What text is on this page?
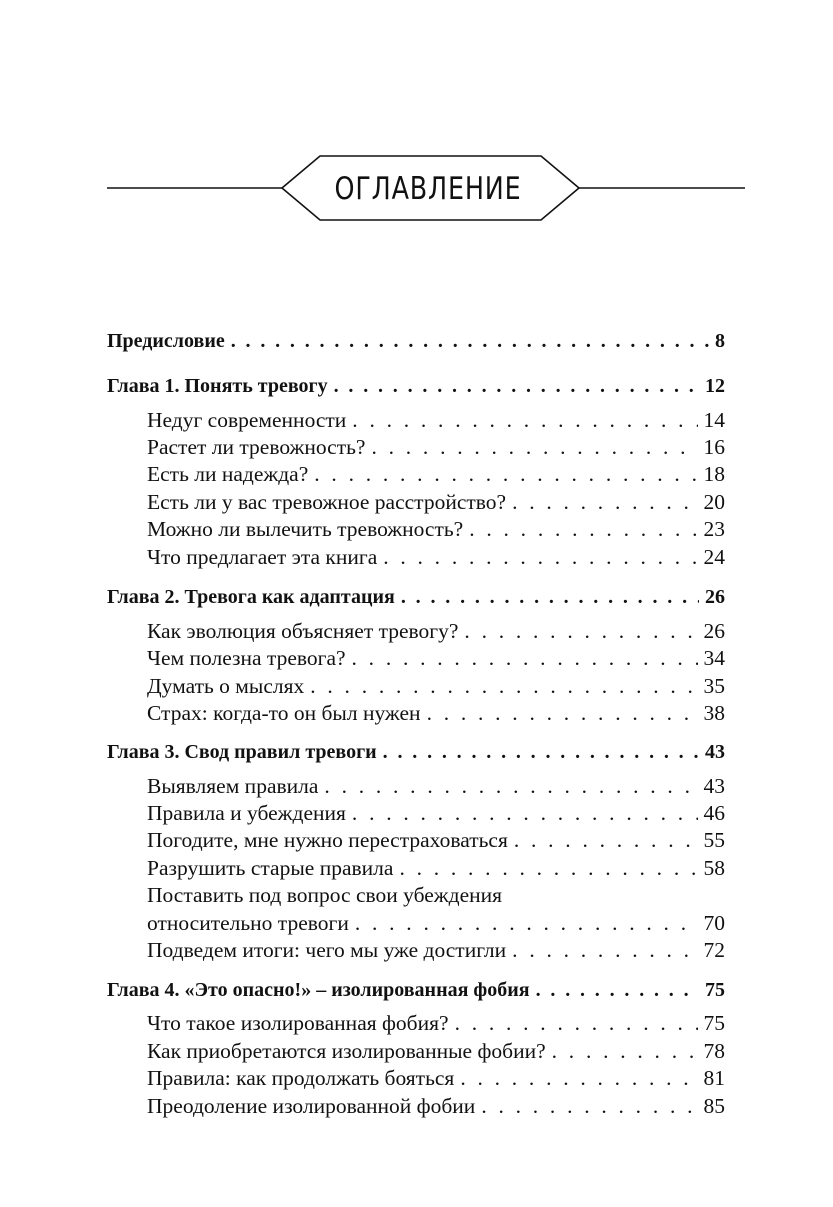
ОГЛАВЛЕНИЕ
Предисловие . . .	8
Глава 1. Понять тревогу . . .	12
Недуг современности . . .	14
Растет ли тревожность? . . .	16
Есть ли надежда? . . .	18
Есть ли у вас тревожное расстройство? . . .	20
Можно ли вылечить тревожность? . . .	23
Что предлагает эта книга . . .	24
Глава 2. Тревога как адаптация . . .	26
Как эволюция объясняет тревогу? . . .	26
Чем полезна тревога? . . .	34
Думать о мыслях . . .	35
Страх: когда-то он был нужен . . .	38
Глава 3. Свод правил тревоги . . .	43
Выявляем правила . . .	43
Правила и убеждения . . .	46
Погодите, мне нужно перестраховаться . . .	55
Разрушить старые правила . . .	58
Поставить под вопрос свои убеждения
относительно тревоги . . .	70
Подведем итоги: чего мы уже достигли . . .	72
Глава 4. «Это опасно!» – изолированная фобия . . .	75
Что такое изолированная фобия? . . .	75
Как приобретаются изолированные фобии? . . .	78
Правила: как продолжать бояться . . .	81
Преодоление изолированной фобии . . .	85
